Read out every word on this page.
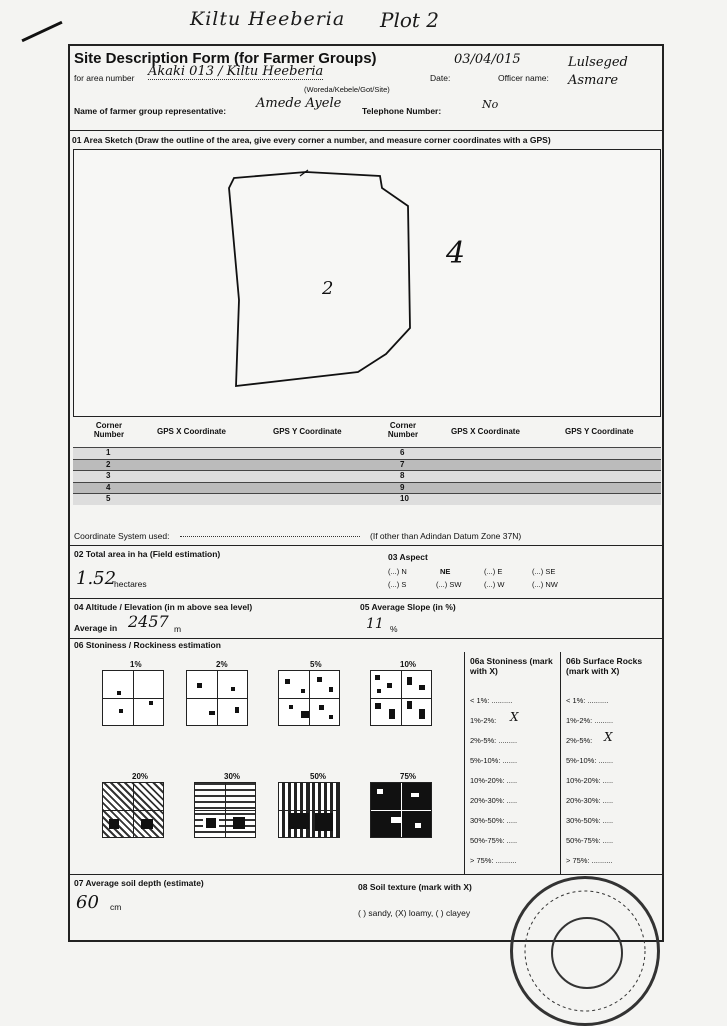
Kiltu Heeberia Plot 2
Site Description Form (for Farmer Groups)
for area number Akaki 013 / Kiltu Heeberia
03/04/015
Date:	Officer name:
Lulseged Asmare
(Woreda/Kebele/Got/Site)
Name of farmer group representative: Amede Ayele Telephone Number:	No
01 Area Sketch (Draw the outline of the area, give every corner a number, and measure corner coordinates with a GPS)
2
4
Corner Number	GPS X Coordinate	GPS Y Coordinate
Corner Number	GPS X Coordinate	GPS Y Coordinate
1	6
2	7
3	8
4	9
5	10
Coordinate System used:	(If other than Adindan Datum Zone 37N)
02 Total area in ha (Field estimation)
1.52
hectares
03 Aspect
(...) N	NE	(...) E	(...) SE
(...) S	(...) SW	(...) W	(...) NW
04 Altitude / Elevation (in m above sea level)
Average in 2457 m
05 Average Slope (in %)
11 %
06 Stoniness / Rockiness estimation
1%	2%	5%	10%
20%	30%	50%	75%
06a Stoniness (mark with X)
< 1%: ..........
1%-2%: X
2%-5%: .........
5%-10%: .......
10%-20%: .....
20%-30%: .....
30%-50%: .....
50%-75%: .....
> 75%: ..........
06b Surface Rocks (mark with X)
< 1%: ..........
1%-2%: .........
2%-5%: X
5%-10%: .......
10%-20%: .....
20%-30%: .....
30%-50%: .....
50%-75%: .....
> 75%: ..........
07 Average soil depth (estimate)
60 cm
08 Soil texture (mark with X)
( ) sandy, (X) loamy, ( ) clayey
